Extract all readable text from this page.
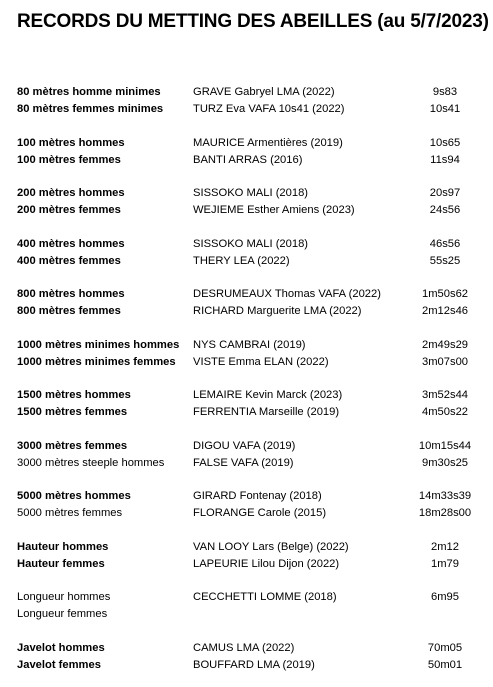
RECORDS DU METTING DES ABEILLES (au 5/7/2023)
80 mètres homme minimes	GRAVE Gabryel LMA (2022)	9s83
80 mètres femmes minimes	TURZ Eva VAFA 10s41 (2022)	10s41
100 mètres hommes	MAURICE Armentières (2019)	10s65
100 mètres femmes	BANTI ARRAS (2016)	11s94
200 mètres hommes	SISSOKO MALI (2018)	20s97
200 mètres femmes	WEJIEME Esther Amiens (2023)	24s56
400 mètres hommes	SISSOKO MALI (2018)	46s56
400 mètres femmes	THERY LEA (2022)	55s25
800 mètres hommes	DESRUMEAUX Thomas VAFA (2022)	1m50s62
800 mètres femmes	RICHARD Marguerite LMA (2022)	2m12s46
1000 mètres minimes hommes	NYS CAMBRAI (2019)	2m49s29
1000 mètres minimes femmes	VISTE Emma ELAN (2022)	3m07s00
1500 mètres hommes	LEMAIRE Kevin Marck (2023)	3m52s44
1500 mètres femmes	FERRENTIA Marseille (2019)	4m50s22
3000 mètres femmes	DIGOU VAFA (2019)	10m15s44
3000 mètres steeple hommes	FALSE VAFA (2019)	9m30s25
5000 mètres hommes	GIRARD Fontenay (2018)	14m33s39
5000 mètres femmes	FLORANGE Carole (2015)	18m28s00
Hauteur hommes	VAN LOOY Lars (Belge) (2022)	2m12
Hauteur femmes	LAPEURIE Lilou Dijon (2022)	1m79
Longueur hommes	CECCHETTI LOMME (2018)	6m95
Longueur femmes
Javelot hommes	CAMUS LMA (2022)	70m05
Javelot femmes	BOUFFARD LMA (2019)	50m01
